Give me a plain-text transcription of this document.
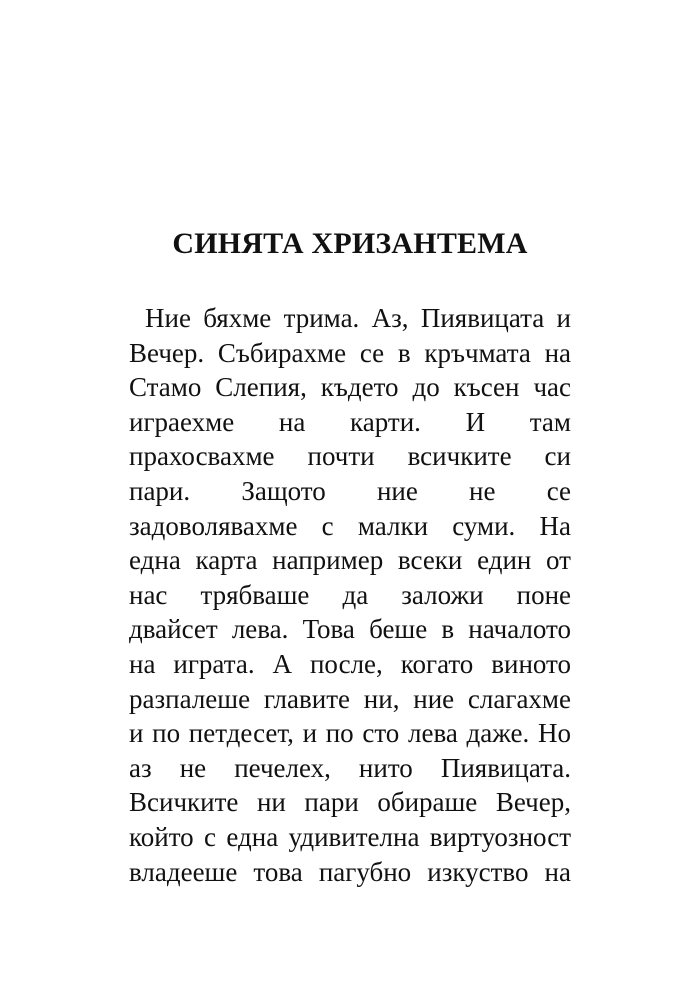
СИНЯТА ХРИЗАНТЕМА
Ние бяхме трима. Аз, Пиявицата и
Вечер. Събирахме се в кръчмата на
Стамо Слепия, където до късен час
играехме на карти. И там
прахосвахме почти всичките си
пари. Защото ние не се
задоволявахме с малки суми. На
една карта например всеки един от
нас трябваше да заложи поне
двайсет лева. Това беше в началото
на играта. А после, когато виното
разпалеше главите ни, ние слагахме
и по петдесет, и по сто лева даже. Но
аз не печелех, нито Пиявицата.
Всичките ни пари обираше Вечер,
който с една удивителна виртуозност
владееше това пагубно изкуство на
